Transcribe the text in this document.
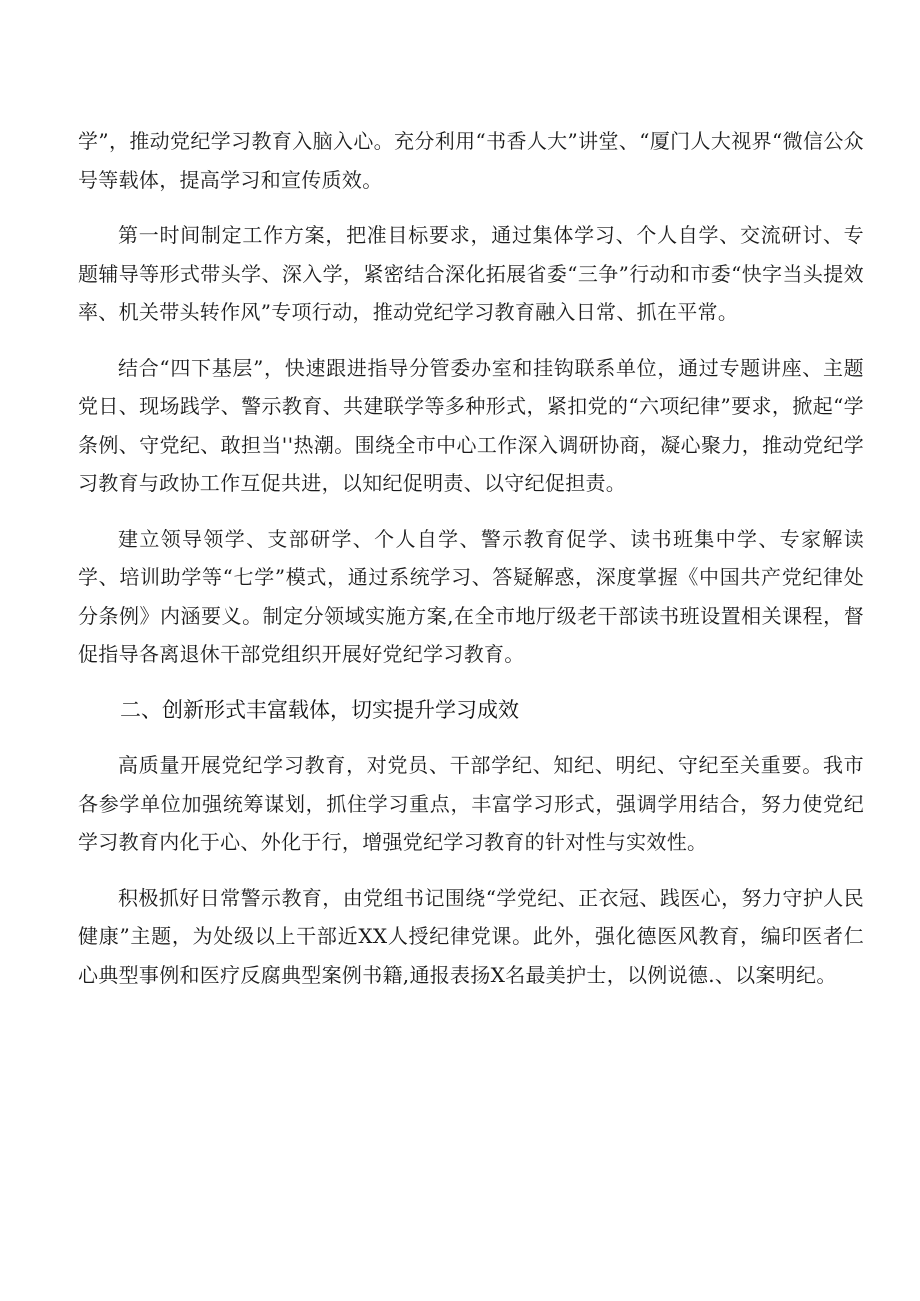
学”，推动党纪学习教育入脑入心。充分利用“书香人大”讲堂、“厦门人大视界“微信公众号等载体，提高学习和宣传质效。

第一时间制定工作方案，把准目标要求，通过集体学习、个人自学、交流研讨、专题辅导等形式带头学、深入学，紧密结合深化拓展省委“三争”行动和市委“快字当头提效率、机关带头转作风”专项行动，推动党纪学习教育融入日常、抓在平常。

结合“四下基层”，快速跟进指导分管委办室和挂钩联系单位，通过专题讲座、主题党日、现场践学、警示教育、共建联学等多种形式，紧扣党的“六项纪律”要求，掀起“学条例、守党纪、敢担当''热潮。围绕全市中心工作深入调研协商，凝心聚力，推动党纪学习教育与政协工作互促共进，以知纪促明责、以守纪促担责。

建立领导领学、支部研学、个人自学、警示教育促学、读书班集中学、专家解读学、培训助学等“七学”模式，通过系统学习、答疑解惑，深度掌握《中国共产党纪律处分条例》内涵要义。制定分领域实施方案,在全市地厅级老干部读书班设置相关课程，督促指导各离退休干部党组织开展好党纪学习教育。

二、创新形式丰富载体，切实提升学习成效

高质量开展党纪学习教育，对党员、干部学纪、知纪、明纪、守纪至关重要。我市各参学单位加强统筹谋划，抓住学习重点，丰富学习形式，强调学用结合，努力使党纪学习教育内化于心、外化于行，增强党纪学习教育的针对性与实效性。

积极抓好日常警示教育，由党组书记围绕“学党纪、正衣冠、践医心，努力守护人民健康”主题，为处级以上干部近XX人授纪律党课。此外，强化德医风教育，编印医者仁心典型事例和医疗反腐典型案例书籍,通报表扬X名最美护士，以例说德.、以案明纪。
